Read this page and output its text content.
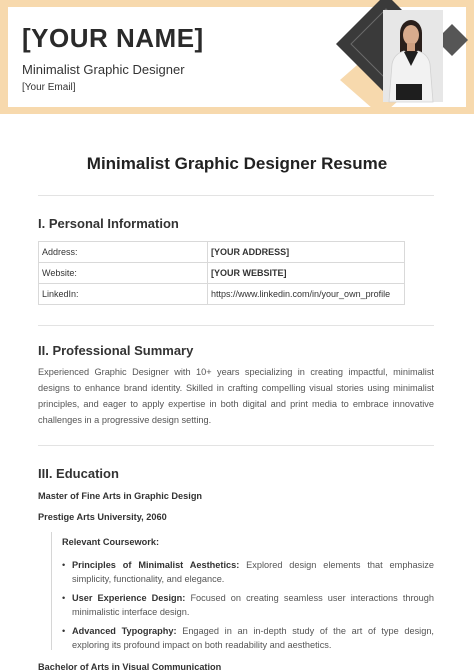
[YOUR NAME]
Minimalist Graphic Designer
[Your Email]
Minimalist Graphic Designer Resume
I. Personal Information
Address:	[YOUR ADDRESS]
Website:	[YOUR WEBSITE]
LinkedIn:	https://www.linkedin.com/in/your_own_profile
II. Professional Summary
Experienced Graphic Designer with 10+ years specializing in creating impactful, minimalist designs to enhance brand identity. Skilled in crafting compelling visual stories using minimalist principles, and eager to apply expertise in both digital and print media to embrace innovative challenges in a progressive design setting.
III. Education
Master of Fine Arts in Graphic Design
Prestige Arts University, 2060
Relevant Coursework:
• Principles of Minimalist Aesthetics: Explored design elements that emphasize simplicity, functionality, and elegance.
• User Experience Design: Focused on creating seamless user interactions through minimalistic interface design.
• Advanced Typography: Engaged in an in-depth study of the art of type design, exploring its profound impact on both readability and aesthetics.
Bachelor of Arts in Visual Communication
